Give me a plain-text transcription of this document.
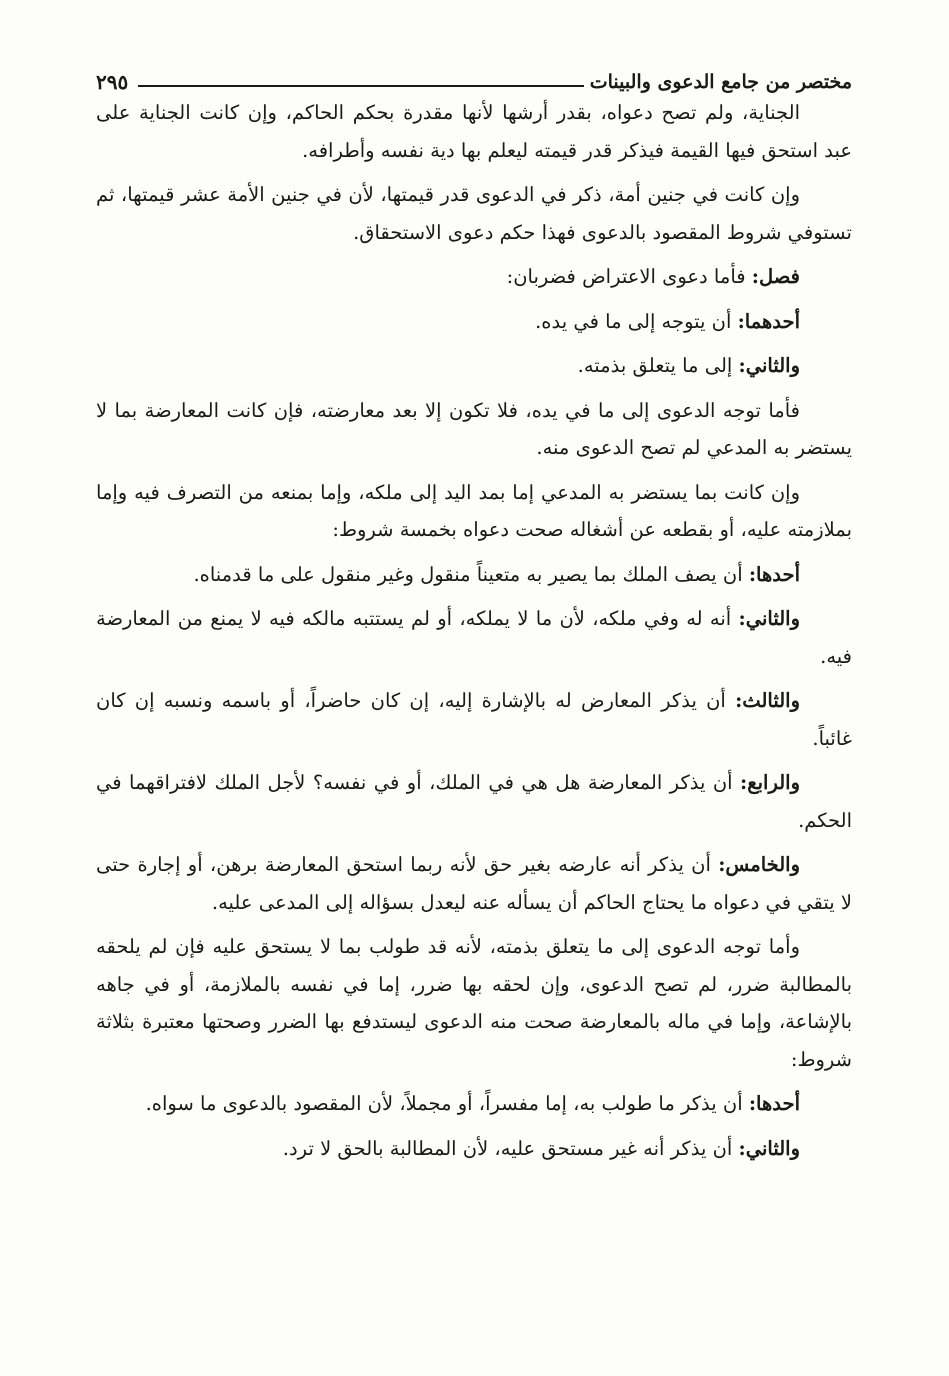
مختصر من جامع الدعوى والبينات
٢٩٥

الجناية، ولم تصح دعواه، بقدر أرشها لأنها مقدرة بحكم الحاكم، وإن كانت الجناية على عبد استحق فيها القيمة فيذكر قدر قيمته ليعلم بها دية نفسه وأطرافه.

وإن كانت في جنين أمة، ذكر في الدعوى قدر قيمتها، لأن في جنين الأمة عشر قيمتها، ثم تستوفي شروط المقصود بالدعوى فهذا حكم دعوى الاستحقاق.

فصل: فأما دعوى الاعتراض فضربان:

أحدهما: أن يتوجه إلى ما في يده.

والثاني: إلى ما يتعلق بذمته.

فأما توجه الدعوى إلى ما في يده، فلا تكون إلا بعد معارضته، فإن كانت المعارضة بما لا يستضر به المدعي لم تصح الدعوى منه.

وإن كانت بما يستضر به المدعي إما بمد اليد إلى ملكه، وإما بمنعه من التصرف فيه وإما بملازمته عليه، أو بقطعه عن أشغاله صحت دعواه بخمسة شروط:

أحدها: أن يصف الملك بما يصير به متعيناً منقول وغير منقول على ما قدمناه.

والثاني: أنه له وفي ملكه، لأن ما لا يملكه، أو لم يستتبه مالكه فيه لا يمنع من المعارضة فيه.

والثالث: أن يذكر المعارض له بالإشارة إليه، إن كان حاضراً، أو باسمه ونسبه إن كان غائباً.

والرابع: أن يذكر المعارضة هل هي في الملك، أو في نفسه؟ لأجل الملك لافتراقهما في الحكم.

والخامس: أن يذكر أنه عارضه بغير حق لأنه ربما استحق المعارضة برهن، أو إجارة حتى لا يتقي في دعواه ما يحتاج الحاكم أن يسأله عنه ليعدل بسؤاله إلى المدعى عليه.

وأما توجه الدعوى إلى ما يتعلق بذمته، لأنه قد طولب بما لا يستحق عليه فإن لم يلحقه بالمطالبة ضرر، لم تصح الدعوى، وإن لحقه بها ضرر، إما في نفسه بالملازمة، أو في جاهه بالإشاعة، وإما في ماله بالمعارضة صحت منه الدعوى ليستدفع بها الضرر وصحتها معتبرة بثلاثة شروط:

أحدها: أن يذكر ما طولب به، إما مفسراً، أو مجملاً، لأن المقصود بالدعوى ما سواه.

والثاني: أن يذكر أنه غير مستحق عليه، لأن المطالبة بالحق لا ترد.
